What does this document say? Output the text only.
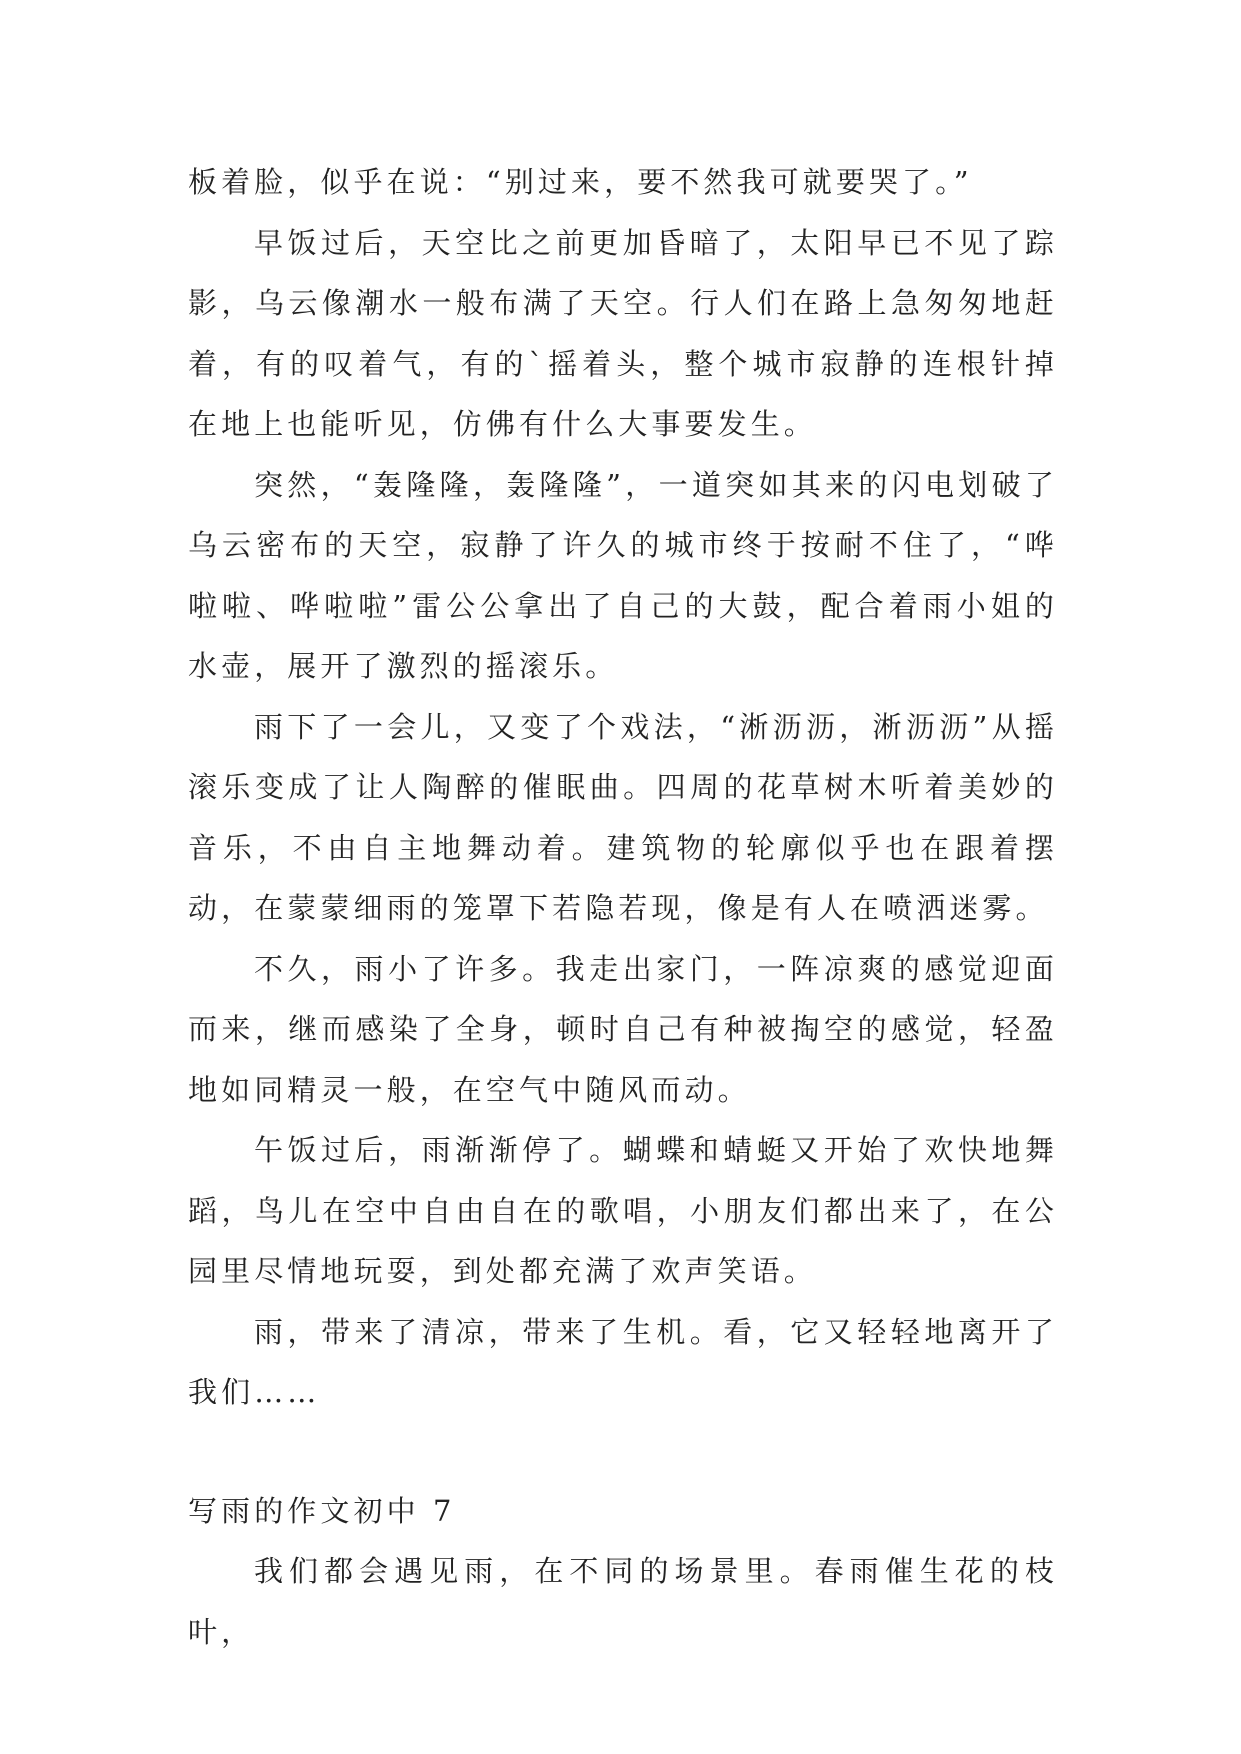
板着脸，似乎在说：“别过来，要不然我可就要哭了。”

早饭过后，天空比之前更加昏暗了，太阳早已不见了踪影，乌云像潮水一般布满了天空。行人们在路上急匆匆地赶着，有的叹着气，有的`摇着头，整个城市寂静的连根针掉在地上也能听见，仿佛有什么大事要发生。

突然，“轰隆隆，轰隆隆”，一道突如其来的闪电划破了乌云密布的天空，寂静了许久的城市终于按耐不住了，“哗啦啦、哗啦啦”雷公公拿出了自己的大鼓，配合着雨小姐的水壶，展开了激烈的摇滚乐。

雨下了一会儿，又变了个戏法，“淅沥沥，淅沥沥”从摇滚乐变成了让人陶醉的催眠曲。四周的花草树木听着美妙的音乐，不由自主地舞动着。建筑物的轮廓似乎也在跟着摆动，在蒙蒙细雨的笼罩下若隐若现，像是有人在喷洒迷雾。

不久，雨小了许多。我走出家门，一阵凉爽的感觉迎面而来，继而感染了全身，顿时自己有种被掏空的感觉，轻盈地如同精灵一般，在空气中随风而动。

午饭过后，雨渐渐停了。蝴蝶和蜻蜓又开始了欢快地舞蹈，鸟儿在空中自由自在的歌唱，小朋友们都出来了，在公园里尽情地玩耍，到处都充满了欢声笑语。

雨，带来了清凉，带来了生机。看，它又轻轻地离开了我们……

写雨的作文初中 7

我们都会遇见雨，在不同的场景里。春雨催生花的枝叶，
